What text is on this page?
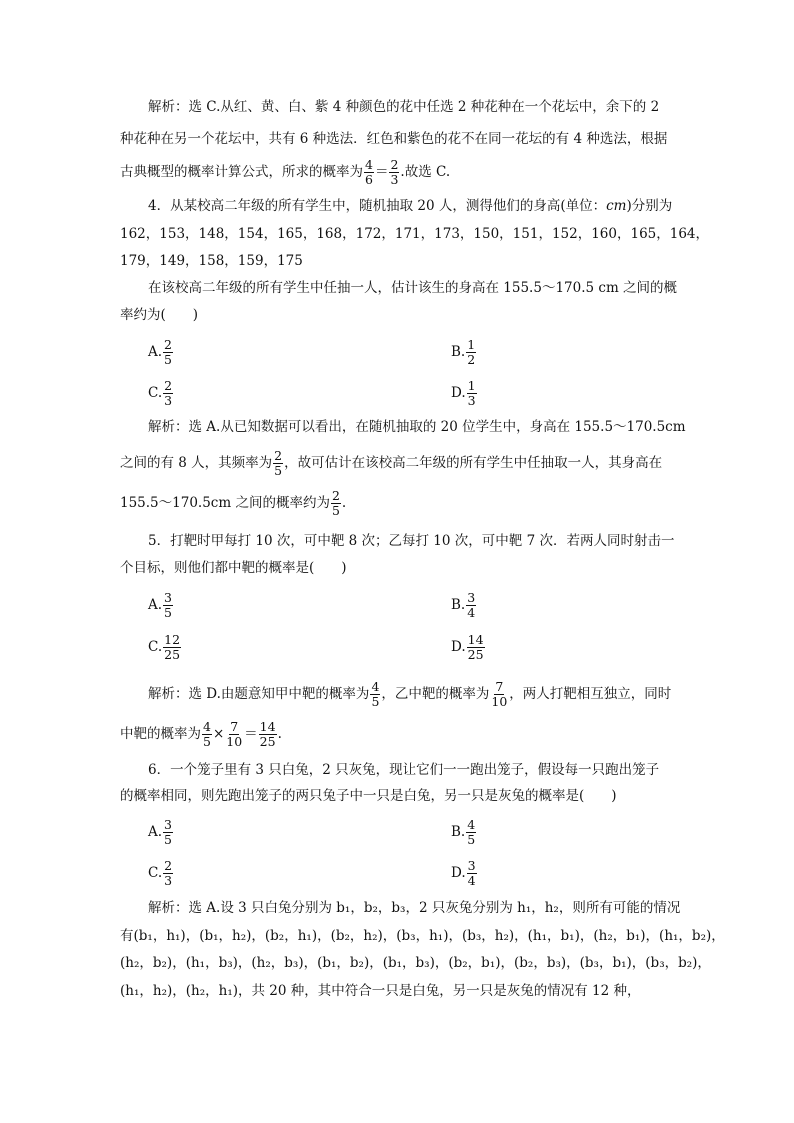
解析：选 C.从红、黄、白、紫 4 种颜色的花中任选 2 种花种在一个花坛中，余下的 2
种花种在另一个花坛中，共有 6 种选法．红色和紫色的花不在同一花坛的有 4 种选法，根据
古典概型的概率计算公式，所求的概率为 $\frac{4}{6} = \frac{2}{3}$ .故选 C.
4．从某校高二年级的所有学生中，随机抽取 20 人，测得他们的身高(单位：cm)分别为
162，153，148，154，165，168，172，171，173，150，151，152，160，165，164，
179，149，158，159，175
在该校高二年级的所有学生中任抽一人，估计该生的身高在 155.5～170.5 cm 之间的概
率约为(　　)
A. $\frac{2}{5}$	B. $\frac{1}{2}$
C. $\frac{2}{3}$	D. $\frac{1}{3}$
解析：选 A.从已知数据可以看出，在随机抽取的 20 位学生中，身高在 155.5～170.5cm
之间的有 8 人，其频率为 $\frac{2}{5}$ ，故可估计在该校高二年级的所有学生中任抽取一人，其身高在
155.5～170.5cm 之间的概率约为 $\frac{2}{5}$ .
5．打靶时甲每打 10 次，可中靶 8 次；乙每打 10 次，可中靶 7 次．若两人同时射击一
个目标，则他们都中靶的概率是(　　)
A. $\frac{3}{5}$	B. $\frac{3}{4}$
C. $\frac{12}{25}$	D. $\frac{14}{25}$
解析：选 D.由题意知甲中靶的概率为 $\frac{4}{5}$ ，乙中靶的概率为 $\frac{7}{10}$ ，两人打靶相互独立，同时
中靶的概率为 $\frac{4}{5} \times \frac{7}{10} = \frac{14}{25}$ .
6．一个笼子里有 3 只白兔，2 只灰兔，现让它们一一跑出笼子，假设每一只跑出笼子
的概率相同，则先跑出笼子的两只兔子中一只是白兔，另一只是灰兔的概率是(　　)
A. $\frac{3}{5}$	B. $\frac{4}{5}$
C. $\frac{2}{3}$	D. $\frac{3}{4}$
解析：选 A.设 3 只白兔分别为 b₁，b₂，b₃，2 只灰兔分别为 h₁，h₂，则所有可能的情况
有(b₁，h₁)，(b₁，h₂)，(b₂，h₁)，(b₂，h₂)，(b₃，h₁)，(b₃，h₂)，(h₁，b₁)，(h₂，b₁)，(h₁，b₂)，
(h₂，b₂)，(h₁，b₃)，(h₂，b₃)，(b₁，b₂)，(b₁，b₃)，(b₂，b₁)，(b₂，b₃)，(b₃，b₁)，(b₃，b₂)，
(h₁，h₂)，(h₂，h₁)，共 20 种，其中符合一只是白兔，另一只是灰兔的情况有 12 种，
